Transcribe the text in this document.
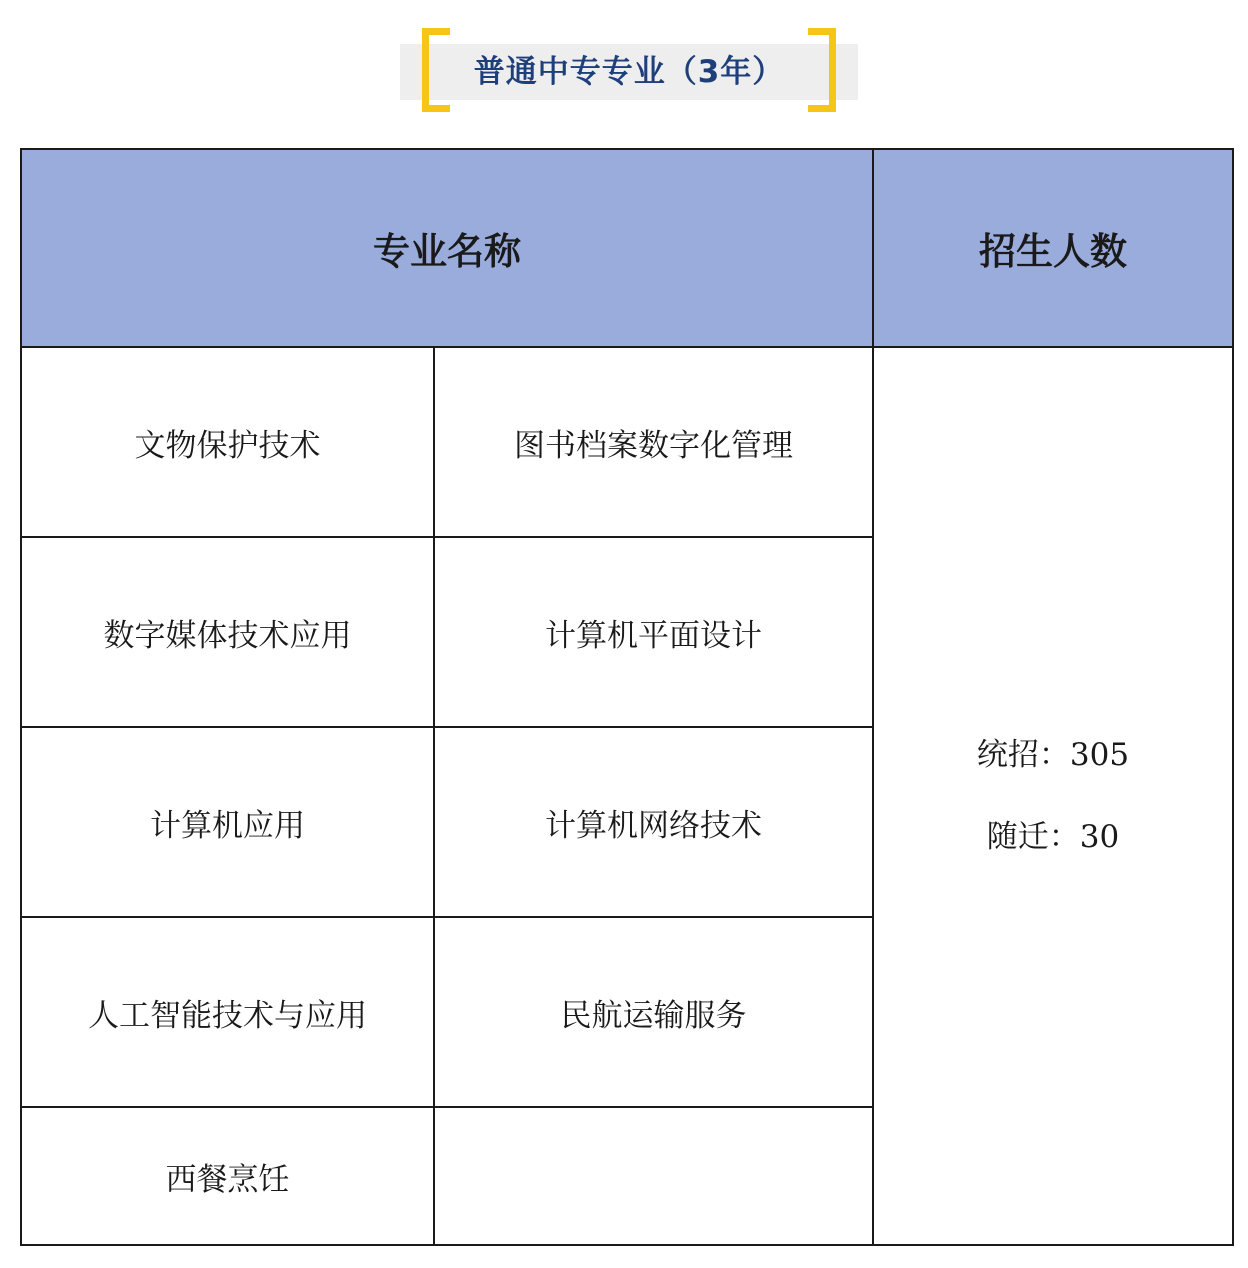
普通中专专业（3年）
专业名称		招生人数
文物保护技术	图书档案数字化管理	统招：305
随迁：30

数字媒体技术应用	计算机平面设计	
计算机应用	计算机网络技术	
人工智能技术与应用	民航运输服务	
西餐烹饪		
